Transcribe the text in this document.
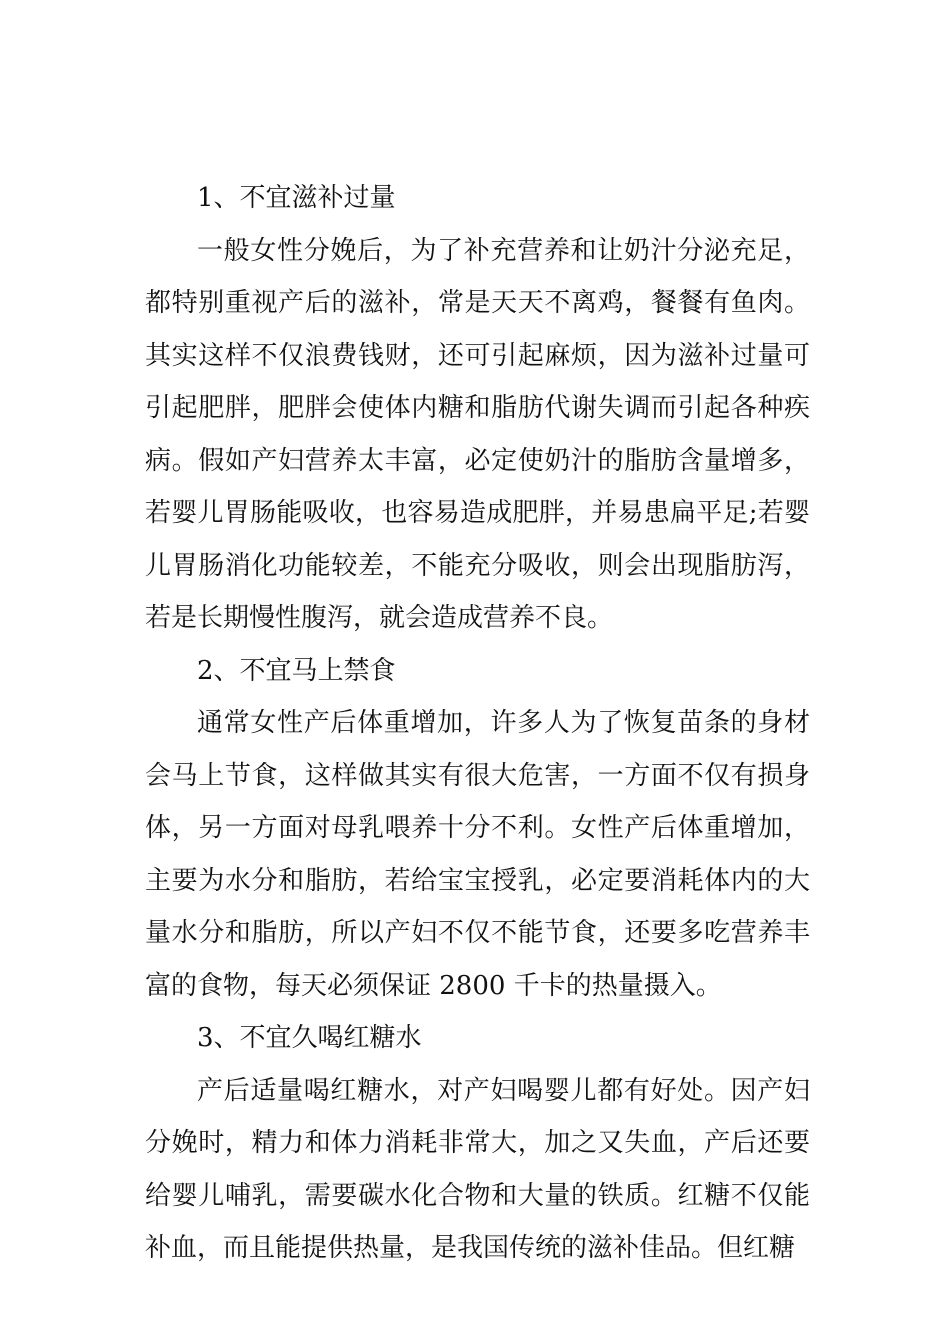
1、不宜滋补过量

一般女性分娩后，为了补充营养和让奶汁分泌充足，都特别重视产后的滋补，常是天天不离鸡，餐餐有鱼肉。其实这样不仅浪费钱财，还可引起麻烦，因为滋补过量可引起肥胖，肥胖会使体内糖和脂肪代谢失调而引起各种疾病。假如产妇营养太丰富，必定使奶汁的脂肪含量增多，若婴儿胃肠能吸收，也容易造成肥胖，并易患扁平足;若婴儿胃肠消化功能较差，不能充分吸收，则会出现脂肪泻，若是长期慢性腹泻，就会造成营养不良。

2、不宜马上禁食

通常女性产后体重增加，许多人为了恢复苗条的身材会马上节食，这样做其实有很大危害，一方面不仅有损身体，另一方面对母乳喂养十分不利。女性产后体重增加，主要为水分和脂肪，若给宝宝授乳，必定要消耗体内的大量水分和脂肪，所以产妇不仅不能节食，还要多吃营养丰富的食物，每天必须保证 2800 千卡的热量摄入。

3、不宜久喝红糖水

产后适量喝红糖水，对产妇喝婴儿都有好处。因产妇分娩时，精力和体力消耗非常大，加之又失血，产后还要给婴儿哺乳，需要碳水化合物和大量的铁质。红糖不仅能补血，而且能提供热量，是我国传统的滋补佳品。但红糖
